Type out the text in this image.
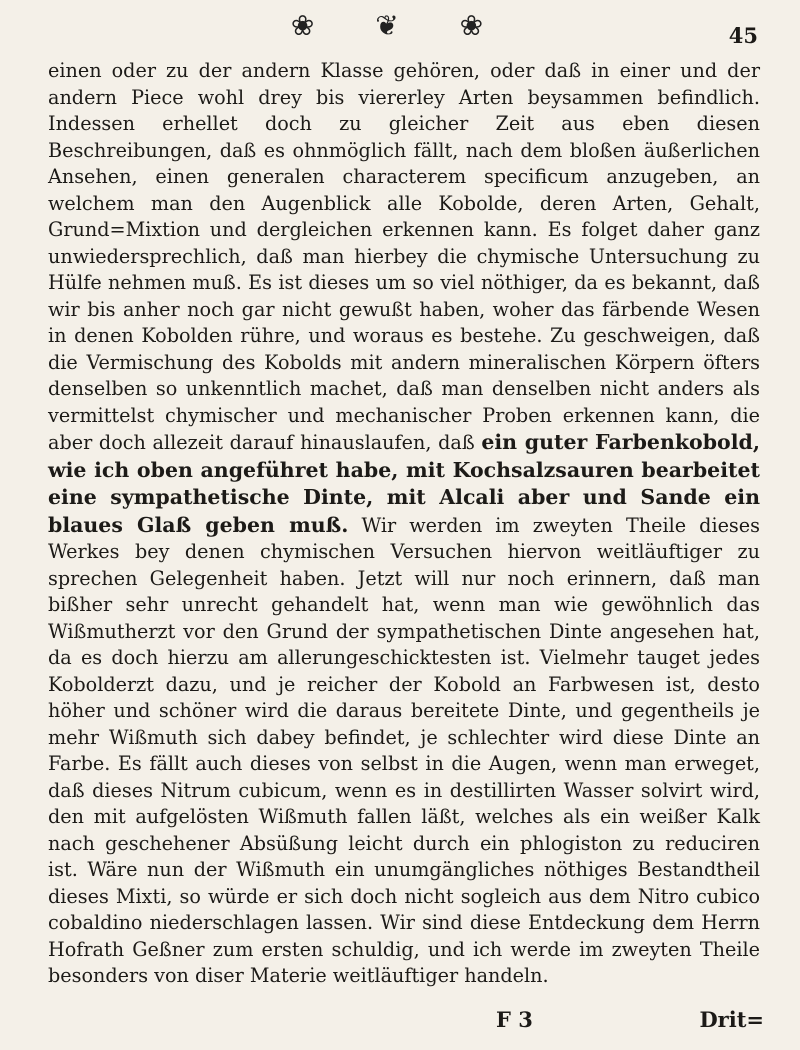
❀ ❦ ❀	45
einen oder zu der andern Klasse gehören, oder daß in einer und der andern Piece wohl drey bis viererley Arten beysammen befindlich. Indessen erhellet doch zu gleicher Zeit aus eben diesen Beschreibungen, daß es ohnmöglich fällt, nach dem bloßen äußerlichen Ansehen, einen generalen characterem specificum anzugeben, an welchem man den Augenblick alle Kobolde, deren Arten, Gehalt, Grund=Mixtion und dergleichen erkennen kann. Es folget daher ganz unwiedersprechlich, daß man hierbey die chymische Untersuchung zu Hülfe nehmen muß. Es ist dieses um so viel nöthiger, da es bekannt, daß wir bis anher noch gar nicht gewußt haben, woher das färbende Wesen in denen Kobolden rühre, und woraus es bestehe. Zu geschweigen, daß die Vermischung des Kobolds mit andern mineralischen Körpern öfters denselben so unkenntlich machet, daß man denselben nicht anders als vermittelst chymischer und mechanischer Proben erkennen kann, die aber doch allezeit darauf hinauslaufen, daß ein guter Farbenkobold, wie ich oben angeführet habe, mit Kochsalzsauren bearbeitet eine sympathetische Dinte, mit Alcali aber und Sande ein blaues Glaß geben muß. Wir werden im zweyten Theile dieses Werkes bey denen chymischen Versuchen hiervon weitläuftiger zu sprechen Gelegenheit haben. Jetzt will nur noch erinnern, daß man bißher sehr unrecht gehandelt hat, wenn man wie gewöhnlich das Wißmutherzt vor den Grund der sympathetischen Dinte angesehen hat, da es doch hierzu am allerungeschicktesten ist. Vielmehr tauget jedes Kobolderzt dazu, und je reicher der Kobold an Farbwesen ist, desto höher und schöner wird die daraus bereitete Dinte, und gegentheils je mehr Wißmuth sich dabey befindet, je schlechter wird diese Dinte an Farbe. Es fällt auch dieses von selbst in die Augen, wenn man erweget, daß dieses Nitrum cubicum, wenn es in destillirten Wasser solvirt wird, den mit aufgelösten Wißmuth fallen läßt, welches als ein weißer Kalk nach geschehener Absüßung leicht durch ein phlogiston zu reduciren ist. Wäre nun der Wißmuth ein unumgängliches nöthiges Bestandtheil dieses Mixti, so würde er sich doch nicht sogleich aus dem Nitro cubico cobaldino niederschlagen lassen. Wir sind diese Entdeckung dem Herrn Hofrath Geßner zum ersten schuldig, und ich werde im zweyten Theile besonders von diser Materie weitläuftiger handeln.
F 3	Drit=
